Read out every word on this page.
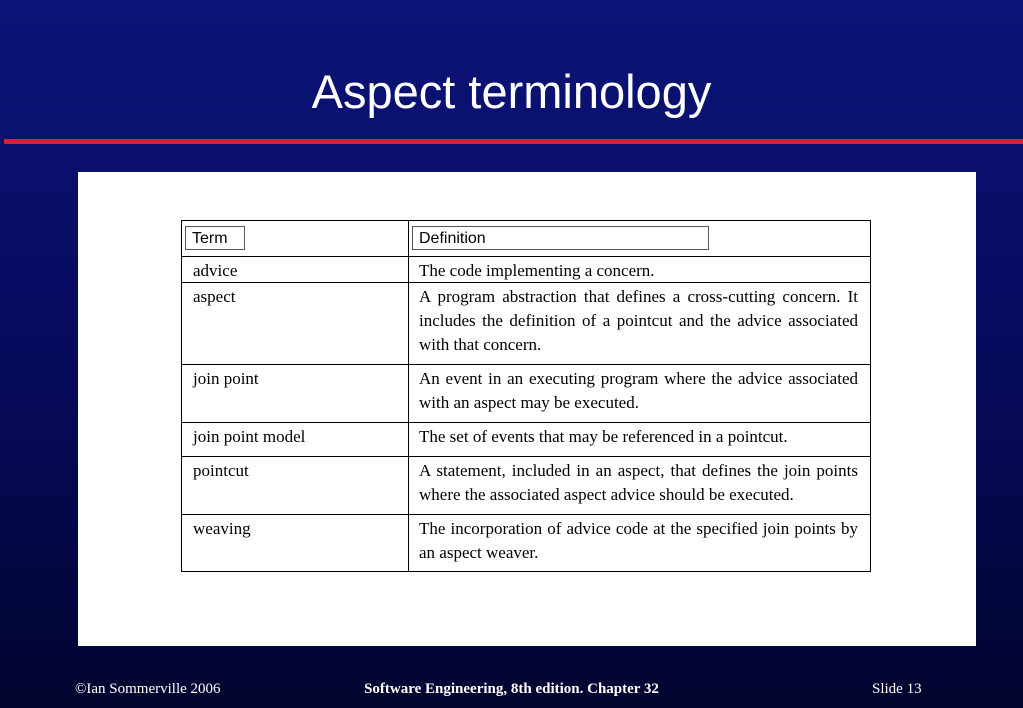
Aspect terminology
Term	Definition
advice	The code implementing a concern.
aspect	A program abstraction that defines a cross-cutting concern. It includes the definition of a pointcut and the advice associated with that concern.
join point	An event in an executing program where the advice associated with an aspect may be executed.
join point model	The set of events that may be referenced in a pointcut.
pointcut	A statement, included in an aspect, that defines the join points where the associated aspect advice should be executed.
weaving	The incorporation of advice code at the specified join points by an aspect weaver.
©Ian Sommerville 2006	Software Engineering, 8th edition. Chapter 32	Slide 13
